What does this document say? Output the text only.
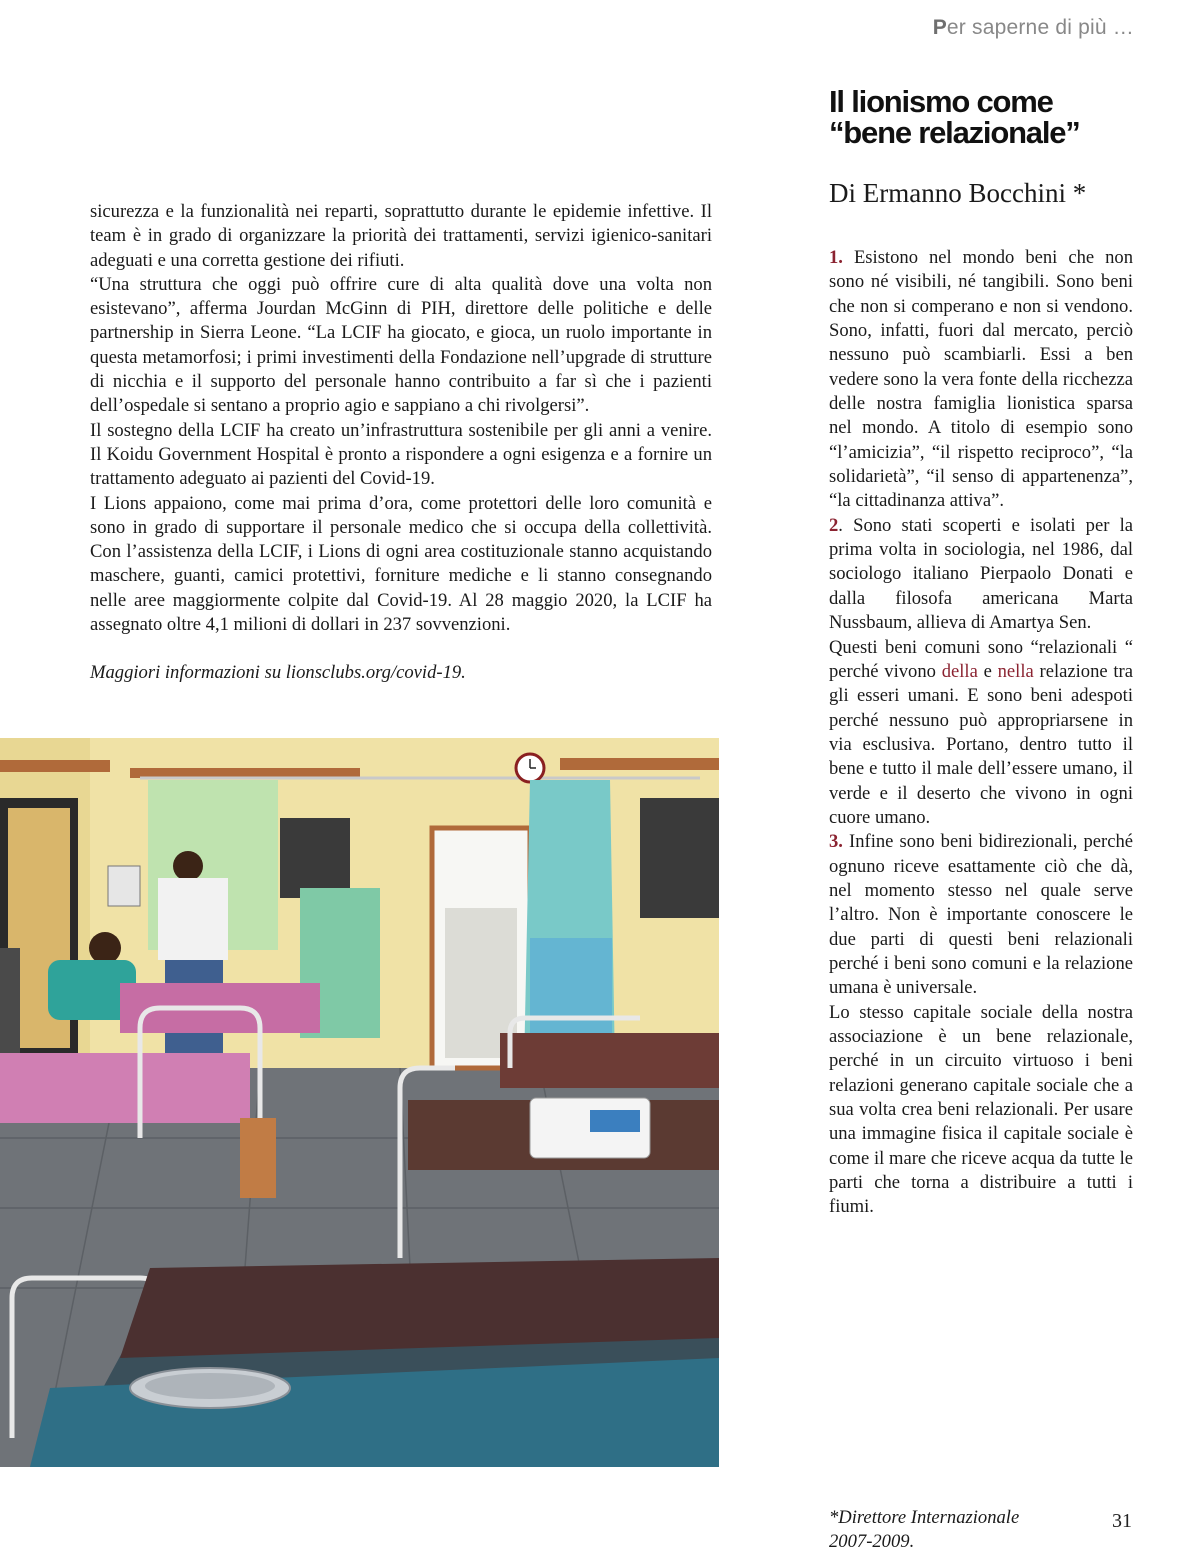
Per saperne di più …

sicurezza e la funzionalità nei reparti, soprattutto durante le epidemie infettive. Il team è in grado di organizzare la priorità dei trattamenti, servizi igienico-sanitari adeguati e una corretta gestione dei rifiuti.

“Una struttura che oggi può offrire cure di alta qualità dove una volta non esistevano”, afferma Jourdan McGinn di PIH, direttore delle politiche e delle partnership in Sierra Leone. “La LCIF ha giocato, e gioca, un ruolo importante in questa metamorfosi; i primi investimenti della Fondazione nell’upgrade di strutture di nicchia e il supporto del personale hanno contribuito a far sì che i pazienti dell’ospedale si sentano a proprio agio e sappiano a chi rivolgersi”.

Il sostegno della LCIF ha creato un’infrastruttura sostenibile per gli anni a venire. Il Koidu Government Hospital è pronto a rispondere a ogni esigenza e a fornire un trattamento adeguato ai pazienti del Covid-19.

I Lions appaiono, come mai prima d’ora, come protettori delle loro comunità e sono in grado di supportare il personale medico che si occupa della collettività. Con l’assistenza della LCIF, i Lions di ogni area costituzionale stanno acquistando maschere, guanti, camici protettivi, forniture mediche e li stanno consegnando nelle aree maggiormente colpite dal Covid-19. Al 28 maggio 2020, la LCIF ha assegnato oltre 4,1 milioni di dollari in 237 sovvenzioni.

Maggiori informazioni su lionsclubs.org/covid-19.

Il lionismo come
“bene relazionale”

Di Ermanno Bocchini *

1. Esistono nel mondo beni che non sono né visibili, né tangibili. Sono beni che non si comperano e non si vendono. Sono, infatti, fuori dal mercato, perciò nessuno può scambiarli. Essi a ben vedere sono la vera fonte della ricchezza delle nostra famiglia lionistica sparsa nel mondo. A titolo di esempio sono “l’amicizia”, “il rispetto reciproco”, “la solidarietà”, “il senso di appartenenza”, “la cittadinanza attiva”.

2. Sono stati scoperti e isolati per la prima volta in sociologia, nel 1986, dal sociologo italiano Pierpaolo Donati e dalla filosofa americana Marta Nussbaum, allieva di Amartya Sen.

Questi beni comuni sono “relazionali “ perché vivono della e nella relazione tra gli esseri umani. E sono beni adespoti perché nessuno può appropriarsene in via esclusiva. Portano, dentro tutto il bene e tutto il male dell’essere umano, il verde e il deserto che vivono in ogni cuore umano.

3. Infine sono beni bidirezionali, perché ognuno riceve esattamente ciò che dà, nel momento stesso nel quale serve l’altro. Non è importante conoscere le due parti di questi beni relazionali perché i beni sono comuni e la relazione umana è universale.

Lo stesso capitale sociale della nostra associazione è un bene relazionale, perché in un circuito virtuoso i beni relazioni generano capitale sociale che a sua volta crea beni relazionali. Per usare una immagine fisica il capitale sociale è come il mare che riceve acqua da tutte le parti che torna a distribuire a tutti i fiumi.

*Direttore Internazionale
2007-2009.
31
